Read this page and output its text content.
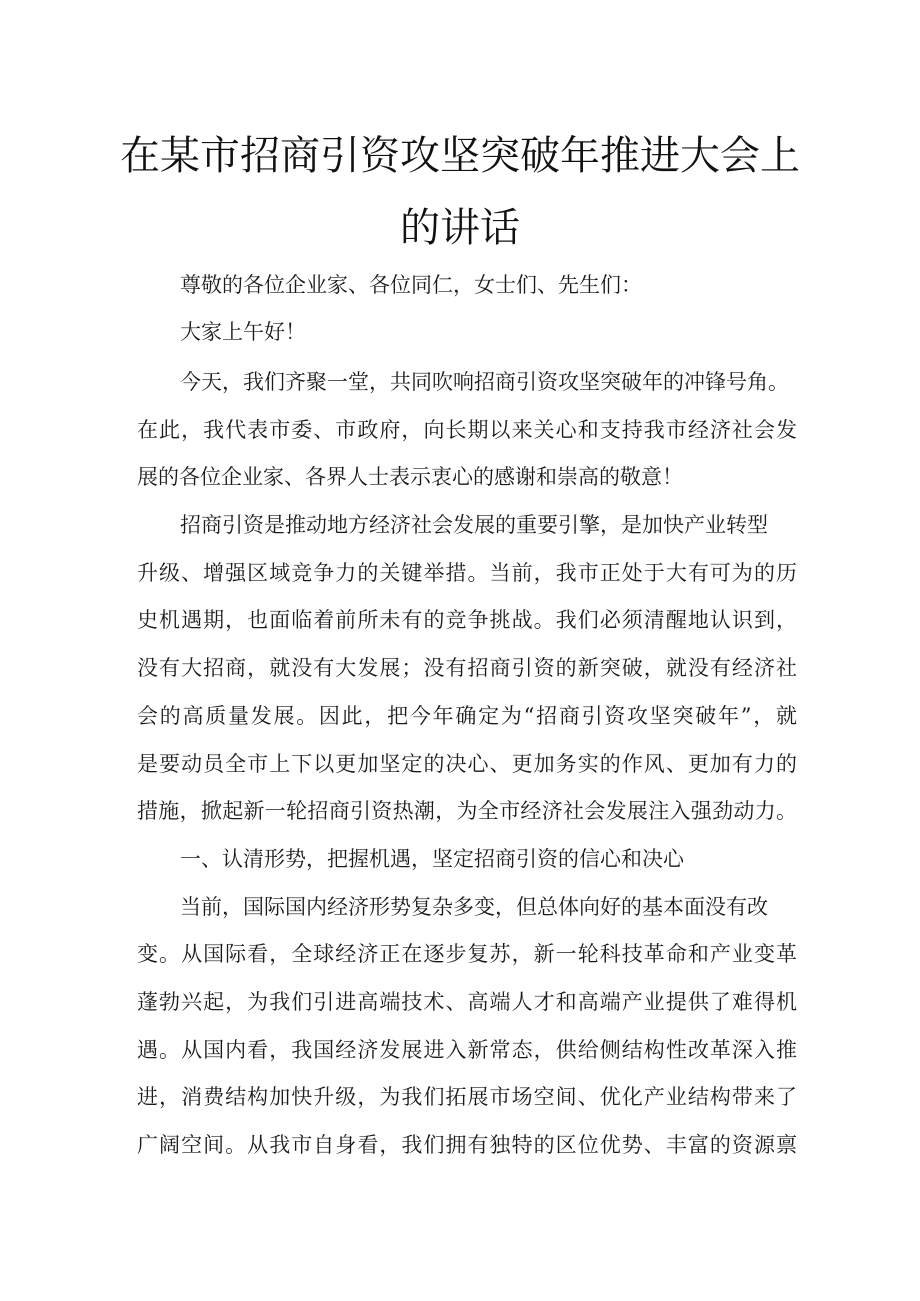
在某市招商引资攻坚突破年推进大会上
的讲话
尊敬的各位企业家、各位同仁，女士们、先生们：
大家上午好！
今天，我们齐聚一堂，共同吹响招商引资攻坚突破年的冲锋号角。
在此，我代表市委、市政府，向长期以来关心和支持我市经济社会发
展的各位企业家、各界人士表示衷心的感谢和崇高的敬意！
招商引资是推动地方经济社会发展的重要引擎，是加快产业转型
升级、增强区域竞争力的关键举措。当前，我市正处于大有可为的历
史机遇期，也面临着前所未有的竞争挑战。我们必须清醒地认识到，
没有大招商，就没有大发展；没有招商引资的新突破，就没有经济社
会的高质量发展。因此，把今年确定为“招商引资攻坚突破年”，就
是要动员全市上下以更加坚定的决心、更加务实的作风、更加有力的
措施，掀起新一轮招商引资热潮，为全市经济社会发展注入强劲动力。
一、认清形势，把握机遇，坚定招商引资的信心和决心
当前，国际国内经济形势复杂多变，但总体向好的基本面没有改
变。从国际看，全球经济正在逐步复苏，新一轮科技革命和产业变革
蓬勃兴起，为我们引进高端技术、高端人才和高端产业提供了难得机
遇。从国内看，我国经济发展进入新常态，供给侧结构性改革深入推
进，消费结构加快升级，为我们拓展市场空间、优化产业结构带来了
广阔空间。从我市自身看，我们拥有独特的区位优势、丰富的资源禀
